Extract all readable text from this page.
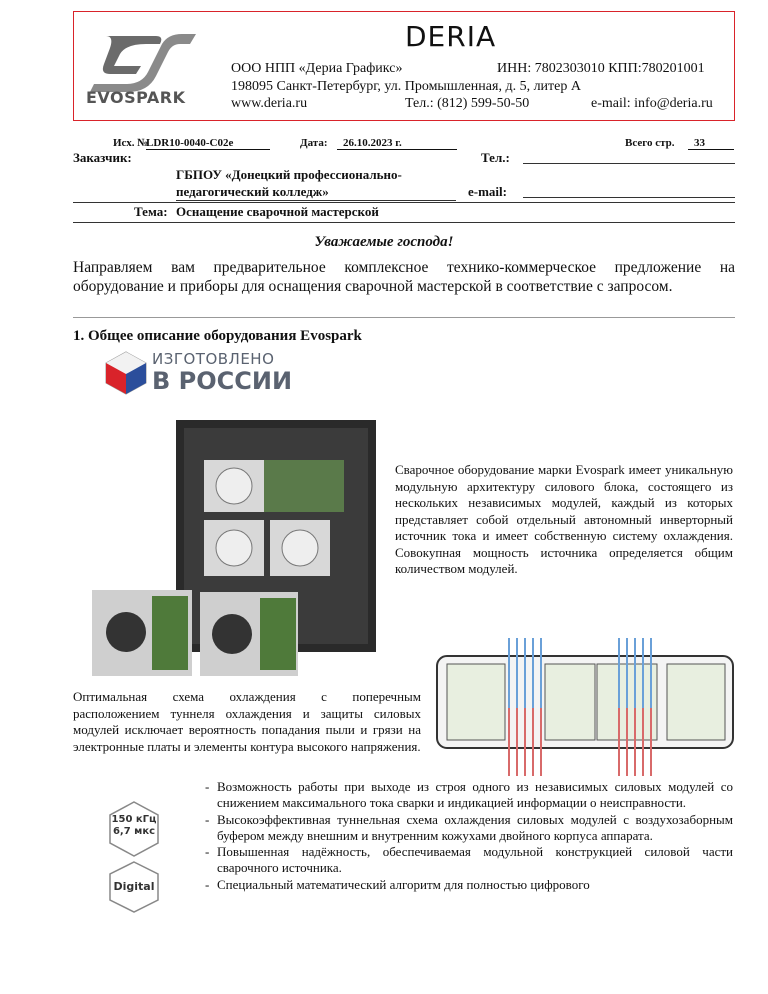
EVOSPARK
DERIA
ООО НПП «Дериа Графикс»	ИНН: 7802303010 КПП:780201001
198095 Санкт-Петербург, ул. Промышленная, д. 5, литер А
www.deria.ru	Тел.: (812) 599-50-50	e-mail: info@deria.ru
Исх. №
LDR10-0040-C02e	Дата:	26.10.2023 г.	Всего стр.	33
Заказчик:
ГБПОУ «Донецкий профессионально-
педагогический колледж»
Тел.:
e-mail:
Тема: Оснащение сварочной мастерской
Уважаемые господа!
Направляем вам предварительное комплексное технико-коммерческое предложение на оборудование и приборы для оснащения сварочной мастерской в соответствие с запросом.
1. Общее описание оборудования Evospark
ИЗГОТОВЛЕНО
В РОССИИ
Сварочное оборудование марки Evospark имеет уникальную модульную архитектуру силового блока, состоящего из нескольких независимых модулей, каждый из которых представляет собой отдельный автономный инверторный источник тока и имеет собственную систему охлаждения. Совокупная мощность источника определяется общим количеством модулей.
Оптимальная схема охлаждения с поперечным расположением туннеля охлаждения и защиты силовых модулей исключает вероятность попадания пыли и грязи на электронные платы и элементы контура высокого напряжения.
150 кГц
6,7 мкс
Digital
- Возможность работы при выходе из строя одного из независимых силовых модулей со снижением максимального тока сварки и индикацией информации о неисправности.
- Высокоэффективная туннельная схема охлаждения силовых модулей с воздухозаборным буфером между внешним и внутренним кожухами двойного корпуса аппарата.
- Повышенная надёжность, обеспечиваемая модульной конструкцией силовой части сварочного источника.
- Специальный математический алгоритм для полностью цифрового
